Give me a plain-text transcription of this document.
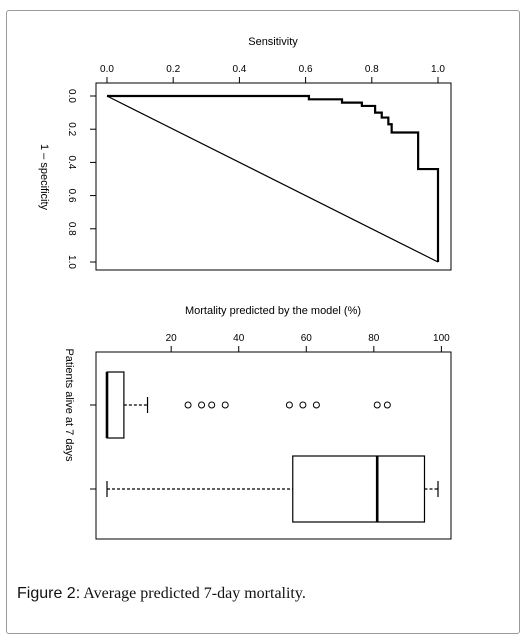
Sensitivity
1 – specificity
0.0	0.2	0.4	0.6	0.8	1.0
0.0
0.2
0.4
0.6
0.8
1.0
Mortality predicted by the model (%)
Patients alive at 7 days
20	40	60	80	100
Figure 2: Average predicted 7-day mortality.
